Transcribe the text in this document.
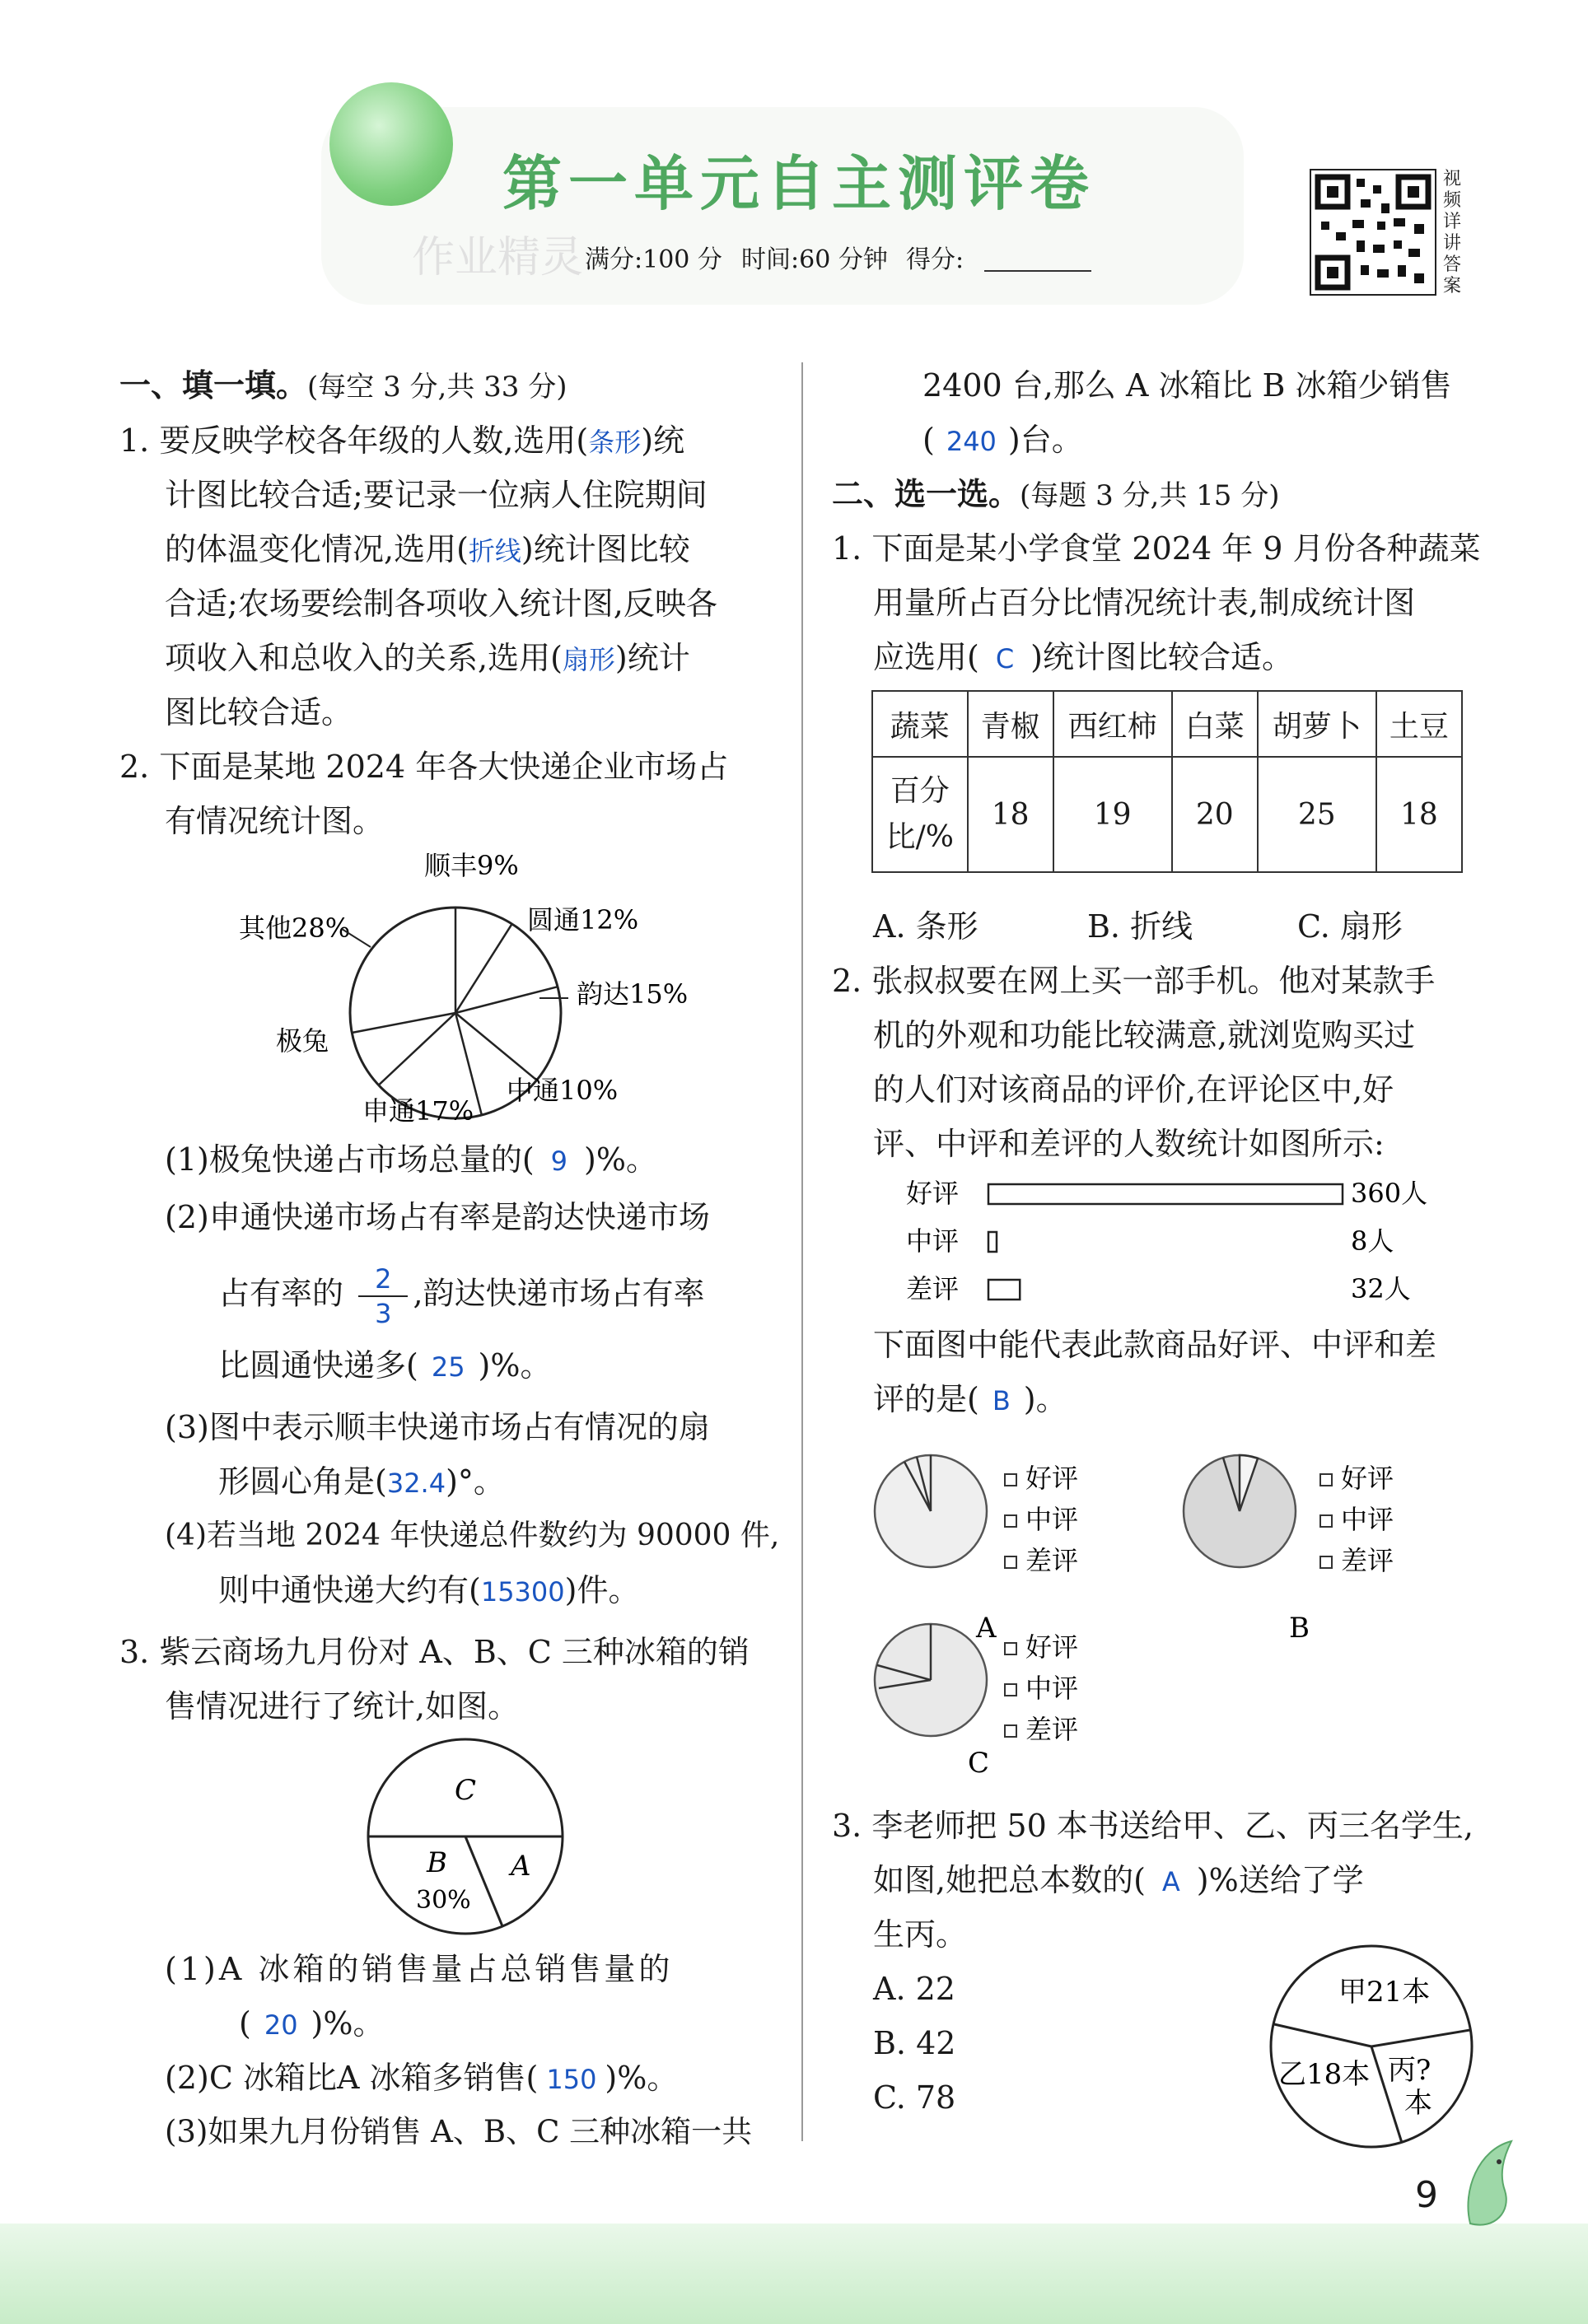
第一单元自主测评卷
作业精灵 满分:100 分 时间:60 分钟 得分:
视频详讲答案
一、填一填。(每空 3 分,共 33 分)
1. 要反映学校各年级的人数,选用(条形)统
计图比较合适;要记录一位病人住院期间
的体温变化情况,选用(折线)统计图比较
合适;农场要绘制各项收入统计图,反映各
项收入和总收入的关系,选用(扇形)统计
图比较合适。
2. 下面是某地 2024 年各大快递企业市场占
有情况统计图。
顺丰9%
圆通12%
韵达15%
中通10%
申通17%
极兔
其他28%
(1)极兔快递占市场总量的( 9 )%。
(2)申通快递市场占有率是韵达快递市场
占有率的 $\frac{2}{3}$ ,韵达快递市场占有率
比圆通快递多( 25 )%。
(3)图中表示顺丰快递市场占有情况的扇
形圆心角是(32.4)°。
(4)若当地 2024 年快递总件数约为 90000 件,
则中通快递大约有(15300)件。
3. 紫云商场九月份对 A、B、C 三种冰箱的销
售情况进行了统计,如图。
C
B A
30%
(1)A 冰箱的销售量占总销售量的
( 20 )%。
(2)C 冰箱比A 冰箱多销售( 150 )%。
(3)如果九月份销售 A、B、C 三种冰箱一共
2400 台,那么 A 冰箱比 B 冰箱少销售
( 240 )台。
二、选一选。(每题 3 分,共 15 分)
1. 下面是某小学食堂 2024 年 9 月份各种蔬菜
用量所占百分比情况统计表,制成统计图
应选用( C )统计图比较合适。
蔬菜	青椒	西红柿	白菜	胡萝卜	土豆
百分
比/%	18	19	20	25	18
A. 条形	B. 折线	C. 扇形
2. 张叔叔要在网上买一部手机。他对某款手
机的外观和功能比较满意,就浏览购买过
的人们对该商品的评价,在评论区中,好
评、中评和差评的人数统计如图所示:
好评	360人
中评	8人
差评	32人
下面图中能代表此款商品好评、中评和差
评的是( B )。
A	B
C
好评
中评
差评
好评
中评
差评
好评
中评
差评
3. 李老师把 50 本书送给甲、乙、丙三名学生,
如图,她把总本数的( A )%送给了学
生丙。
A. 22
B. 42
C. 78
甲21本
乙18本 丙?
本
9
